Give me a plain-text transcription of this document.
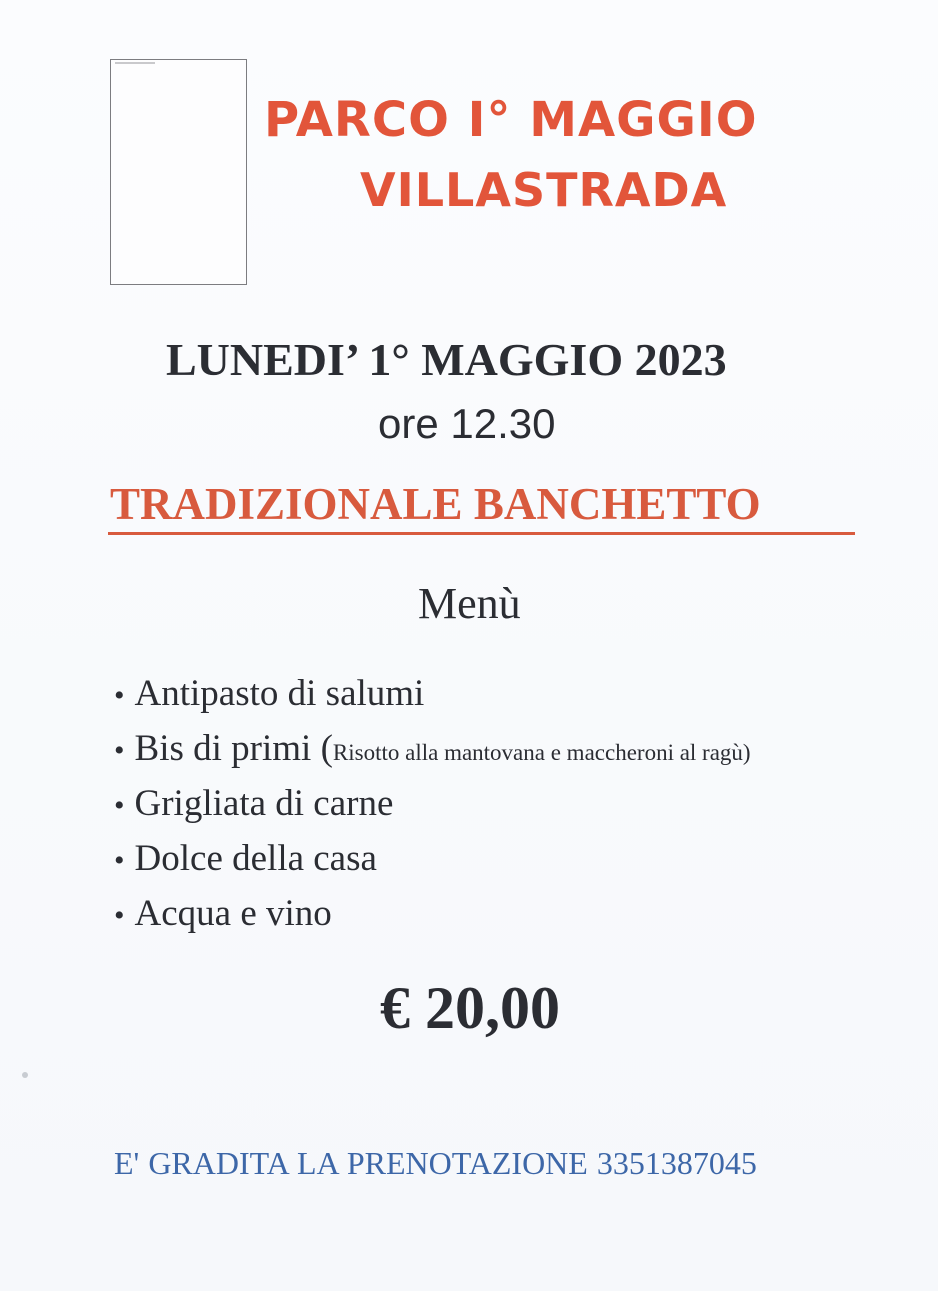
PARCO I° MAGGIO
VILLASTRADA
LUNEDI’ 1° MAGGIO 2023
ore 12.30
TRADIZIONALE BANCHETTO
Menù
• Antipasto di salumi
• Bis di primi
( Risotto alla mantovana e maccheroni al ragù)
• Grigliata di carne
• Dolce della casa
• Acqua e vino
€ 20,00
E' GRADITA LA PRENOTAZIONE 3351387045
